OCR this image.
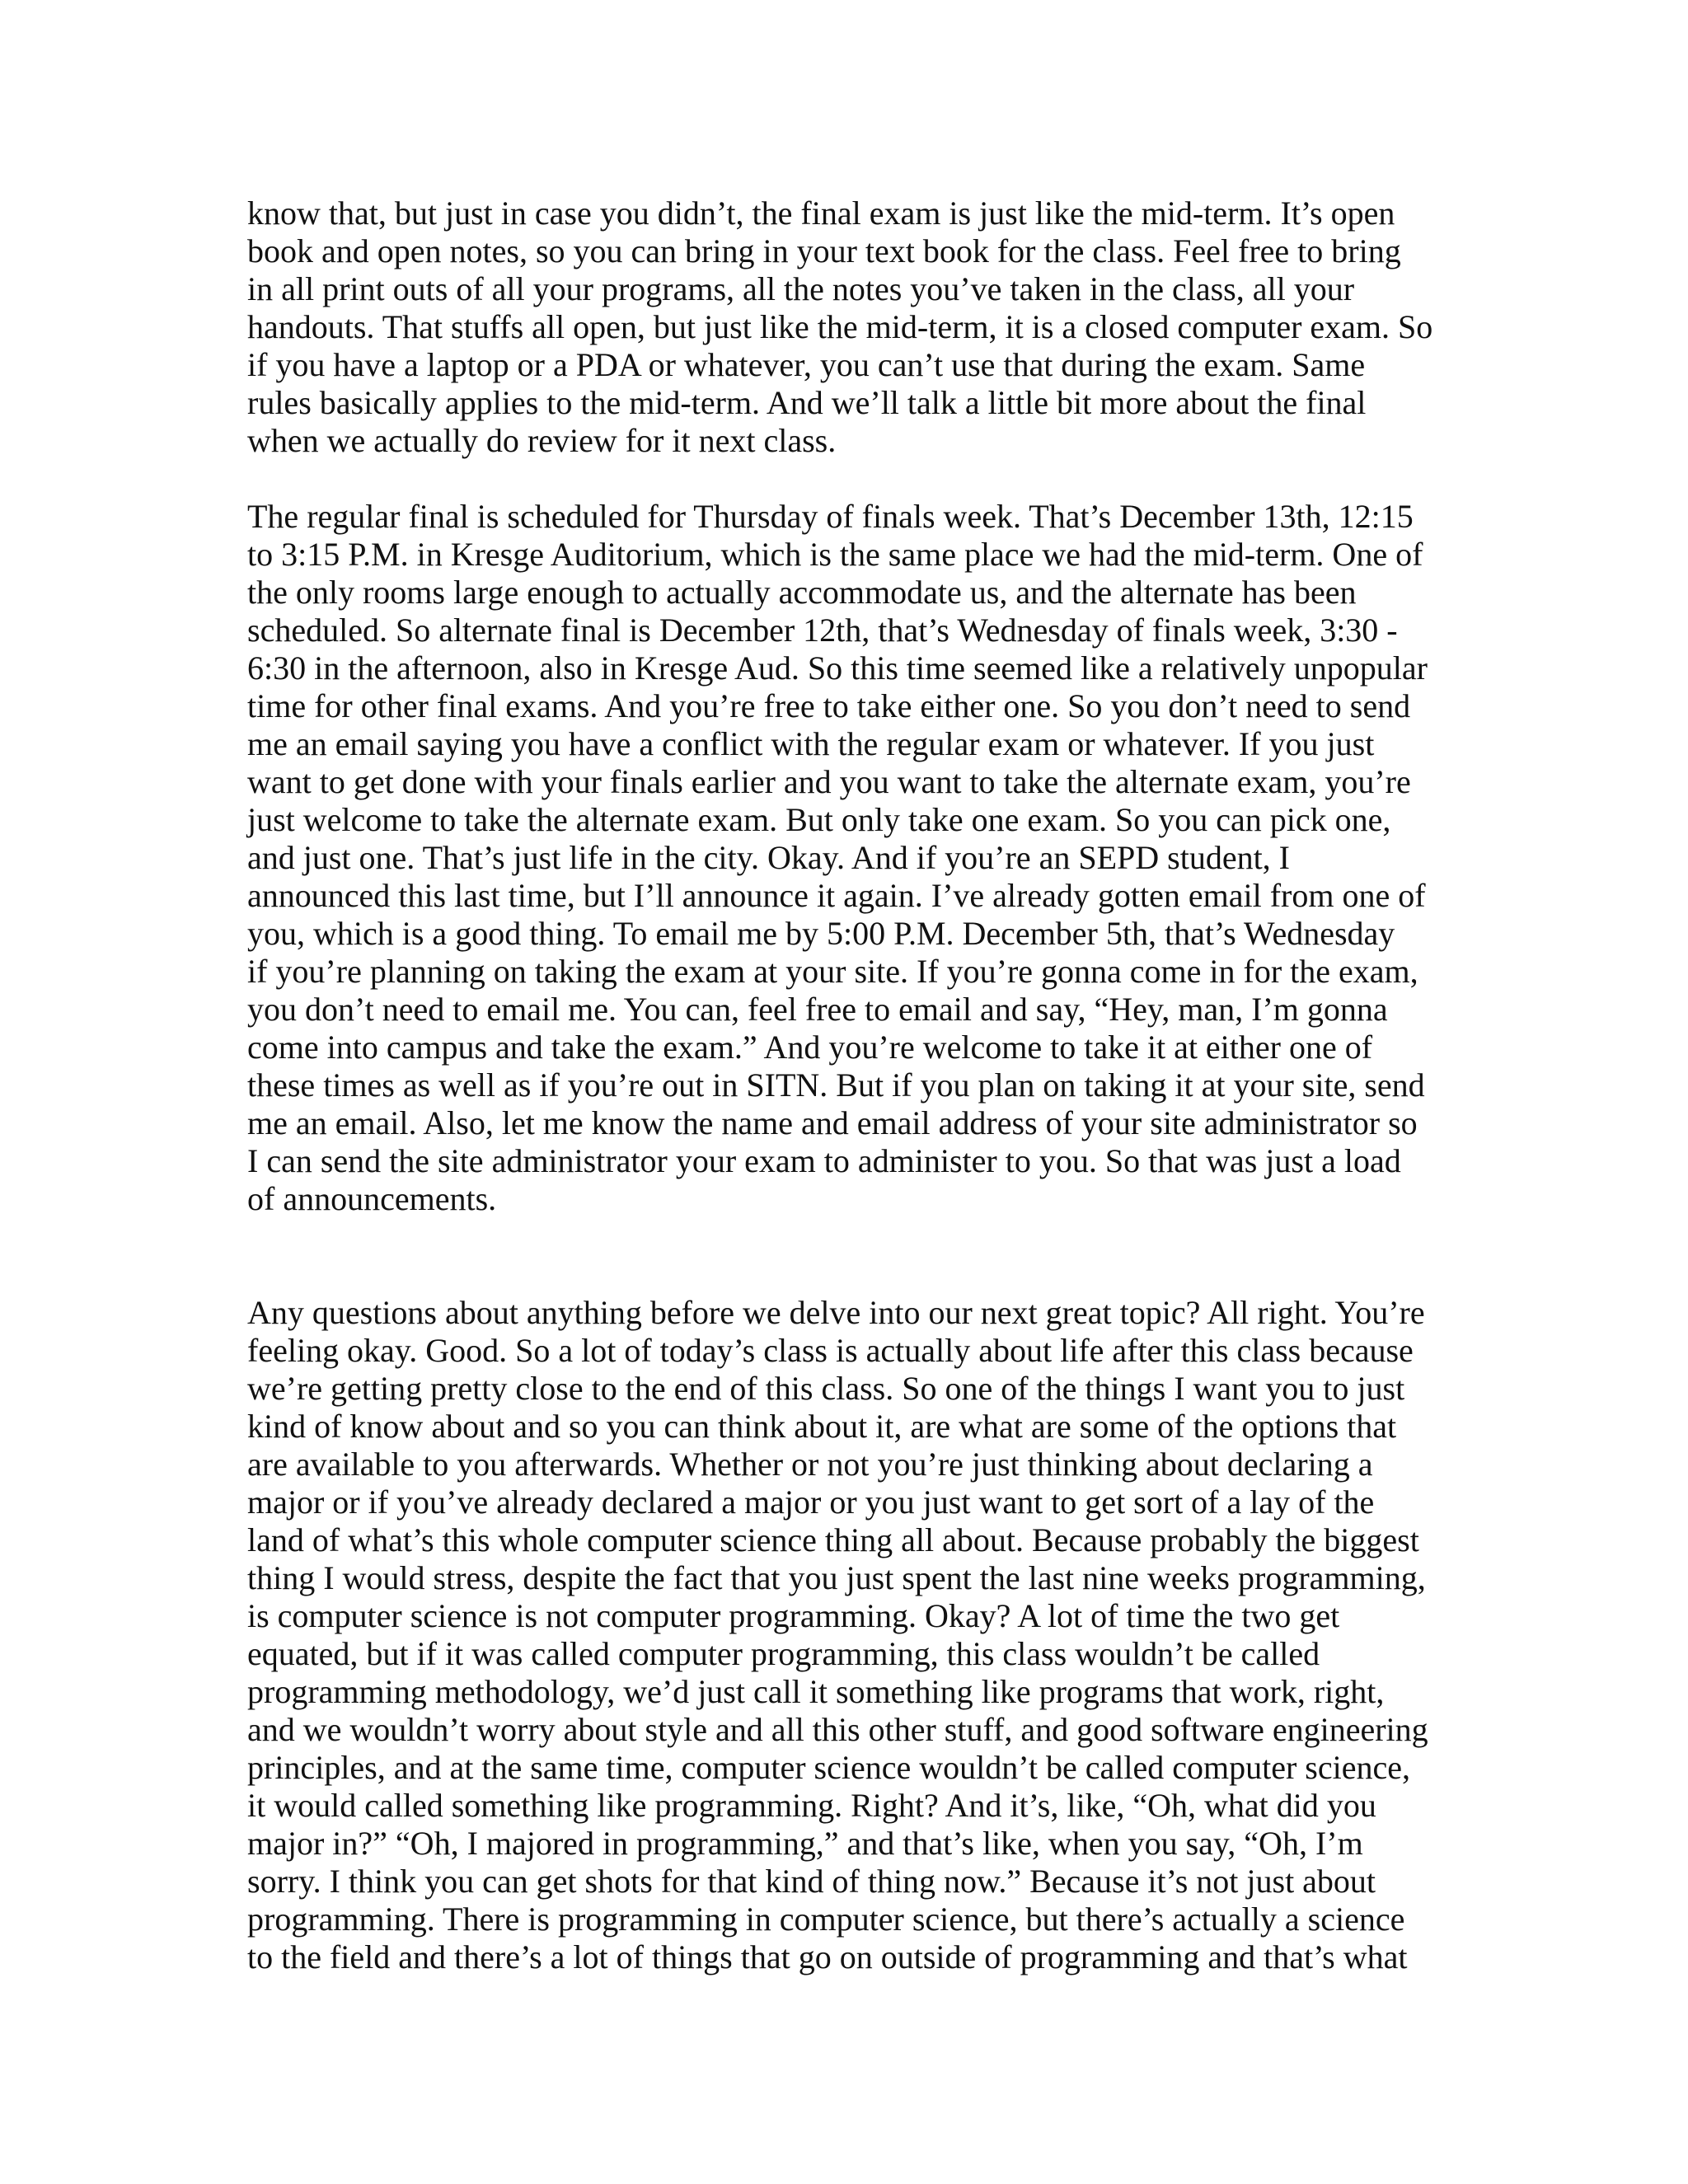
know that, but just in case you didn’t, the final exam is just like the mid-term. It’s open
book and open notes, so you can bring in your text book for the class. Feel free to bring
in all print outs of all your programs, all the notes you’ve taken in the class, all your
handouts. That stuffs all open, but just like the mid-term, it is a closed computer exam. So
if you have a laptop or a PDA or whatever, you can’t use that during the exam. Same
rules basically applies to the mid-term. And we’ll talk a little bit more about the final
when we actually do review for it next class.
The regular final is scheduled for Thursday of finals week. That’s December 13th, 12:15
to 3:15 P.M. in Kresge Auditorium, which is the same place we had the mid-term. One of
the only rooms large enough to actually accommodate us, and the alternate has been
scheduled. So alternate final is December 12th, that’s Wednesday of finals week, 3:30 -
6:30 in the afternoon, also in Kresge Aud. So this time seemed like a relatively unpopular
time for other final exams. And you’re free to take either one. So you don’t need to send
me an email saying you have a conflict with the regular exam or whatever. If you just
want to get done with your finals earlier and you want to take the alternate exam, you’re
just welcome to take the alternate exam. But only take one exam. So you can pick one,
and just one. That’s just life in the city. Okay. And if you’re an SEPD student, I
announced this last time, but I’ll announce it again. I’ve already gotten email from one of
you, which is a good thing. To email me by 5:00 P.M. December 5th, that’s Wednesday
if you’re planning on taking the exam at your site. If you’re gonna come in for the exam,
you don’t need to email me. You can, feel free to email and say, “Hey, man, I’m gonna
come into campus and take the exam.” And you’re welcome to take it at either one of
these times as well as if you’re out in SITN. But if you plan on taking it at your site, send
me an email. Also, let me know the name and email address of your site administrator so
I can send the site administrator your exam to administer to you. So that was just a load
of announcements.
Any questions about anything before we delve into our next great topic? All right. You’re
feeling okay. Good. So a lot of today’s class is actually about life after this class because
we’re getting pretty close to the end of this class. So one of the things I want you to just
kind of know about and so you can think about it, are what are some of the options that
are available to you afterwards. Whether or not you’re just thinking about declaring a
major or if you’ve already declared a major or you just want to get sort of a lay of the
land of what’s this whole computer science thing all about. Because probably the biggest
thing I would stress, despite the fact that you just spent the last nine weeks programming,
is computer science is not computer programming. Okay? A lot of time the two get
equated, but if it was called computer programming, this class wouldn’t be called
programming methodology, we’d just call it something like programs that work, right,
and we wouldn’t worry about style and all this other stuff, and good software engineering
principles, and at the same time, computer science wouldn’t be called computer science,
it would called something like programming. Right? And it’s, like, “Oh, what did you
major in?” “Oh, I majored in programming,” and that’s like, when you say, “Oh, I’m
sorry. I think you can get shots for that kind of thing now.” Because it’s not just about
programming. There is programming in computer science, but there’s actually a science
to the field and there’s a lot of things that go on outside of programming and that’s what
